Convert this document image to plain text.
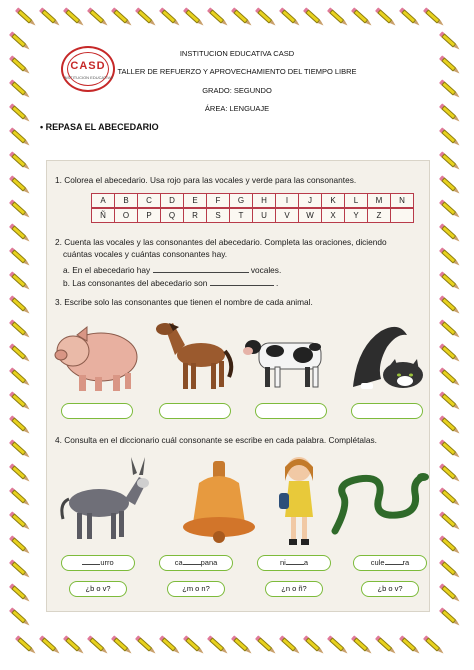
CASD
INSTITUCION EDUCATIVA
INSTITUCION EDUCATIVA CASD
TALLER DE REFUERZO Y APROVECHAMIENTO DEL TIEMPO LIBRE
GRADO: SEGUNDO
ÁREA: LENGUAJE
• REPASA EL ABECEDARIO
1. Colorea el abecedario. Usa rojo para las vocales y verde para las consonantes.
A	B	C	D	E	F	G	H	I	J	K	L	M	N
Ñ	O	P	Q	R	S	T	U	V	W	X	Y	Z
2. Cuenta las vocales y las consonantes del abecedario. Completa las oraciones, diciendo
cuántas vocales y cuántas consonantes hay.
a. En el abecedario hay	vocales.
b. Las consonantes del abecedario son	.
3. Escribe solo las consonantes que tienen el nombre de cada animal.
4. Consulta en el diccionario cuál consonante se escribe en cada palabra. Complétalas.
urro
¿b o v?
ca pana
¿m o n?
ni a
¿n o ñ?
cule ra
¿b o v?
